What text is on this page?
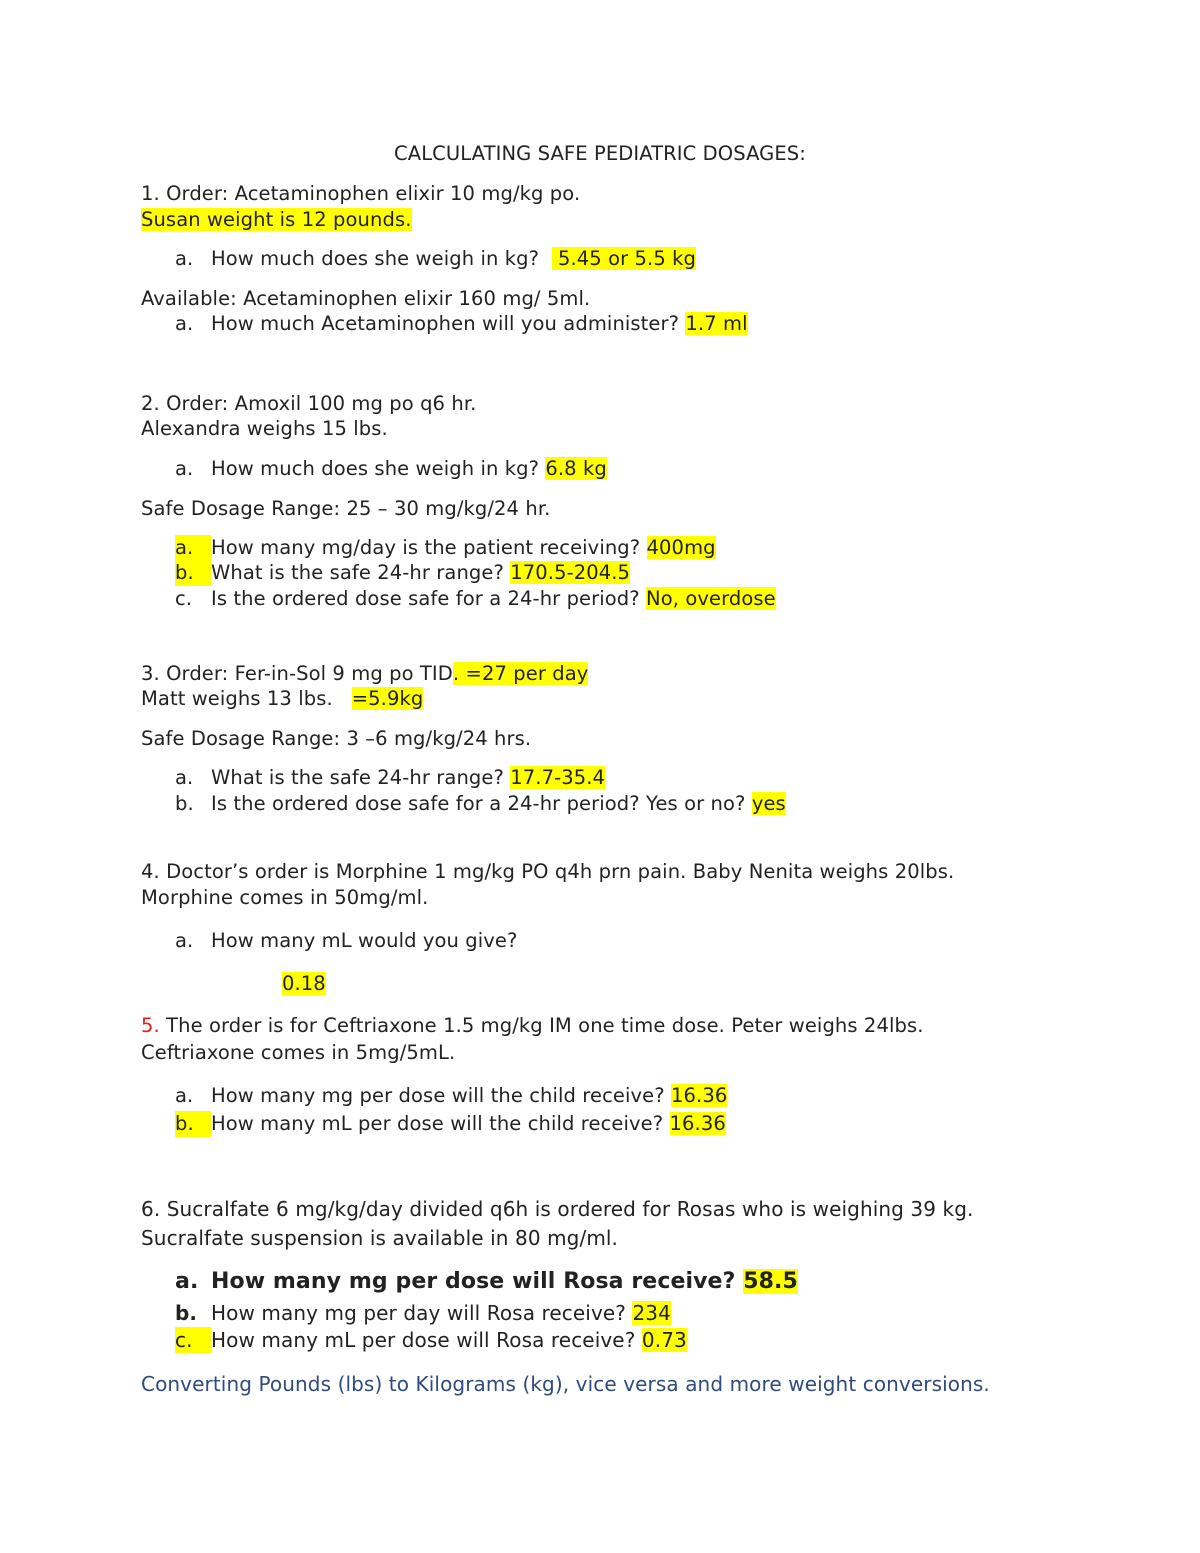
CALCULATING SAFE PEDIATRIC DOSAGES:
1. Order: Acetaminophen elixir 10 mg/kg po.
Susan weight is 12 pounds.
a. How much does she weigh in kg? 5.45 or 5.5 kg
Available: Acetaminophen elixir 160 mg/ 5ml.
a. How much Acetaminophen will you administer? 1.7 ml
2. Order: Amoxil 100 mg po q6 hr.
Alexandra weighs 15 lbs.
a. How much does she weigh in kg? 6.8 kg
Safe Dosage Range: 25 – 30 mg/kg/24 hr.
a. How many mg/day is the patient receiving? 400mg
b. What is the safe 24-hr range? 170.5-204.5
c. Is the ordered dose safe for a 24-hr period? No, overdose
3. Order: Fer-in-Sol 9 mg po TID. =27 per day
Matt weighs 13 lbs. =5.9kg
Safe Dosage Range: 3 –6 mg/kg/24 hrs.
a. What is the safe 24-hr range? 17.7-35.4
b. Is the ordered dose safe for a 24-hr period? Yes or no? yes
4. Doctor’s order is Morphine 1 mg/kg PO q4h prn pain. Baby Nenita weighs 20lbs.
Morphine comes in 50mg/ml.
a. How many mL would you give?
0.18
5. The order is for Ceftriaxone 1.5 mg/kg IM one time dose. Peter weighs 24lbs.
Ceftriaxone comes in 5mg/5mL.
a. How many mg per dose will the child receive? 16.36
b. How many mL per dose will the child receive? 16.36
6. Sucralfate 6 mg/kg/day divided q6h is ordered for Rosas who is weighing 39 kg.
Sucralfate suspension is available in 80 mg/ml.
a. How many mg per dose will Rosa receive? 58.5
b. How many mg per day will Rosa receive? 234
c. How many mL per dose will Rosa receive? 0.73
Converting Pounds (lbs) to Kilograms (kg), vice versa and more weight conversions.
